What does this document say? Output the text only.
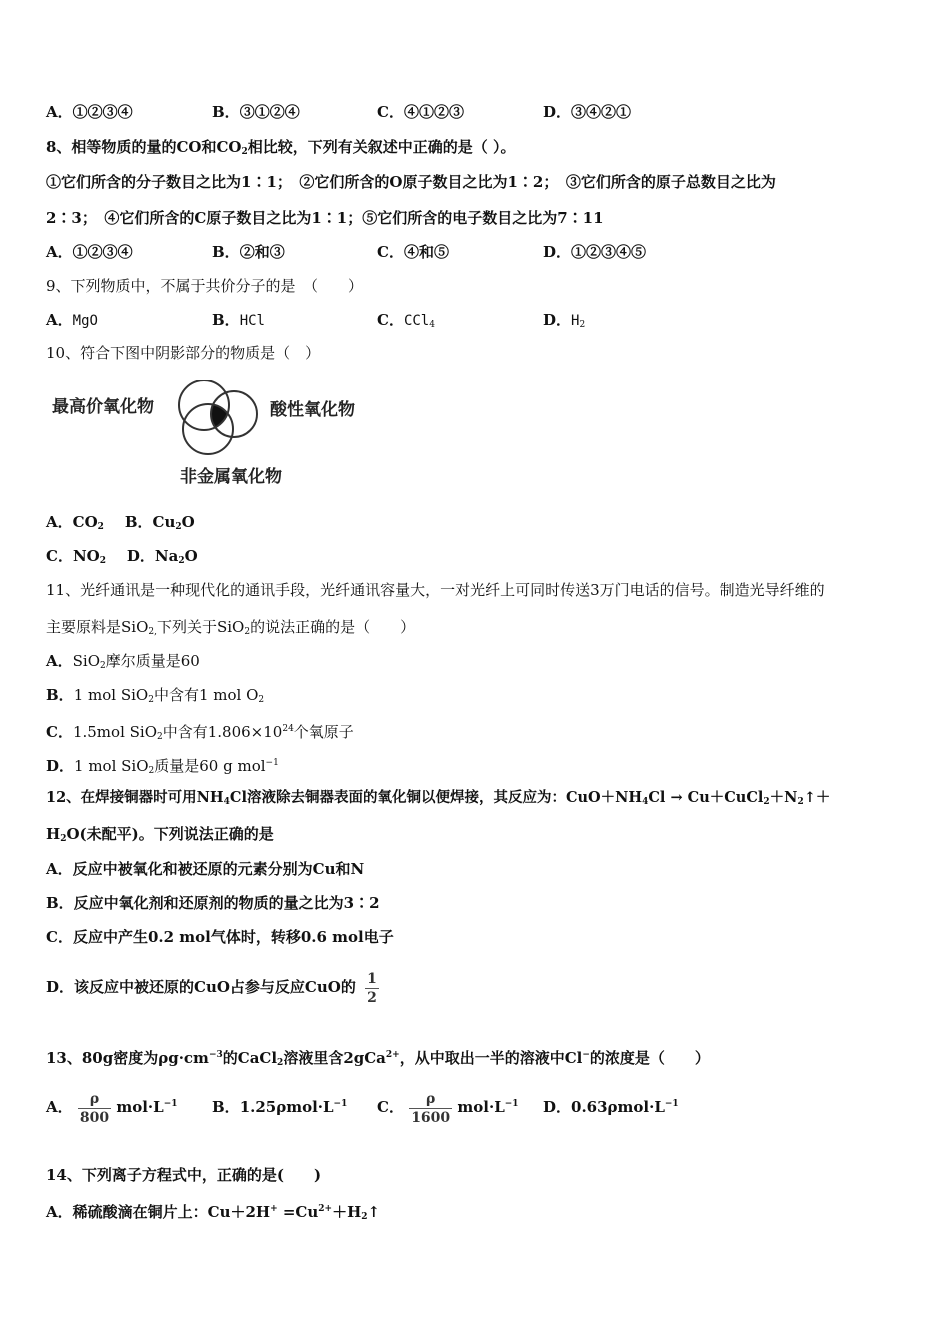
A．①②③④	B．③①②④	C．④①②③	D．③④②①
8、相等物质的量的CO和$CO_2$相比较，下列有关叙述中正确的是（ ）。
①它们所含的分子数目之比为1∶1；　②它们所含的O原子数目之比为1∶2；　③它们所含的原子总数目之比为
2∶3；　④它们所含的C原子数目之比为1∶1；⑤它们所含的电子数目之比为7∶11
A．①②③④	B．②和③	C．④和⑤	D．①②③④⑤
9、下列物质中，不属于共价分子的是　（　　）
A．MgO	B．HCl	C．CCl$_4$	D．$H_2$
10、符合下图中阴影部分的物质是（　）
最高价氧化物	酸性氧化物
非金属氧化物
A．$CO_2$ B．$Cu_2O$
C．$NO_2$ D．$Na_2O$
11、光纤通讯是一种现代化的通讯手段，光纤通讯容量大，一对光纤上可同时传送3万门电话的信号。制造光导纤维的
主要原料是SiO$_{2,}$下列关于SiO$_2$的说法正确的是（　　）
A．SiO$_2$摩尔质量是60
B．1 mol SiO$_2$中含有1 mol $O_2$
C．1.5mol SiO$_2$中含有$1.806\times 10^{24}$个氧原子
D．1 mol SiO$_2$质量是60 g mol$^{-1}$
12、在焊接铜器时可用$NH_4Cl$溶液除去铜器表面的氧化铜以便焊接，其反应为：$CuO+NH_4Cl$ → $Cu+CuCl_2+N_2↑+$
$H_2O$(未配平)。下列说法正确的是
A．反应中被氧化和被还原的元素分别为Cu和N
B．反应中氧化剂和还原剂的物质的量之比为3∶2
C．反应中产生0.2 mol气体时，转移0.6 mol电子
D．该反应中被还原的CuO占参与反应CuO的 $\frac{1}{2}$
13、80g密度为$\rho g\cdot cm^{-3}$的CaCl$_2$溶液里含2gCa$^{2+}$，从中取出一半的溶液中Cl−的浓度是（　　）
A． $\frac{\rho}{800} mol\cdot L^{-1}$ B．$1.25\rho mol\cdot L^{-1}$ C． $\frac{\rho}{1600} mol\cdot L^{-1}$ D．$0.63\rho mol\cdot L^{-1}$
14、下列离子方程式中，正确的是(　　)
A．稀硫酸滴在铜片上：$Cu+2H^+ =Cu^{2+}+H_2↑$
